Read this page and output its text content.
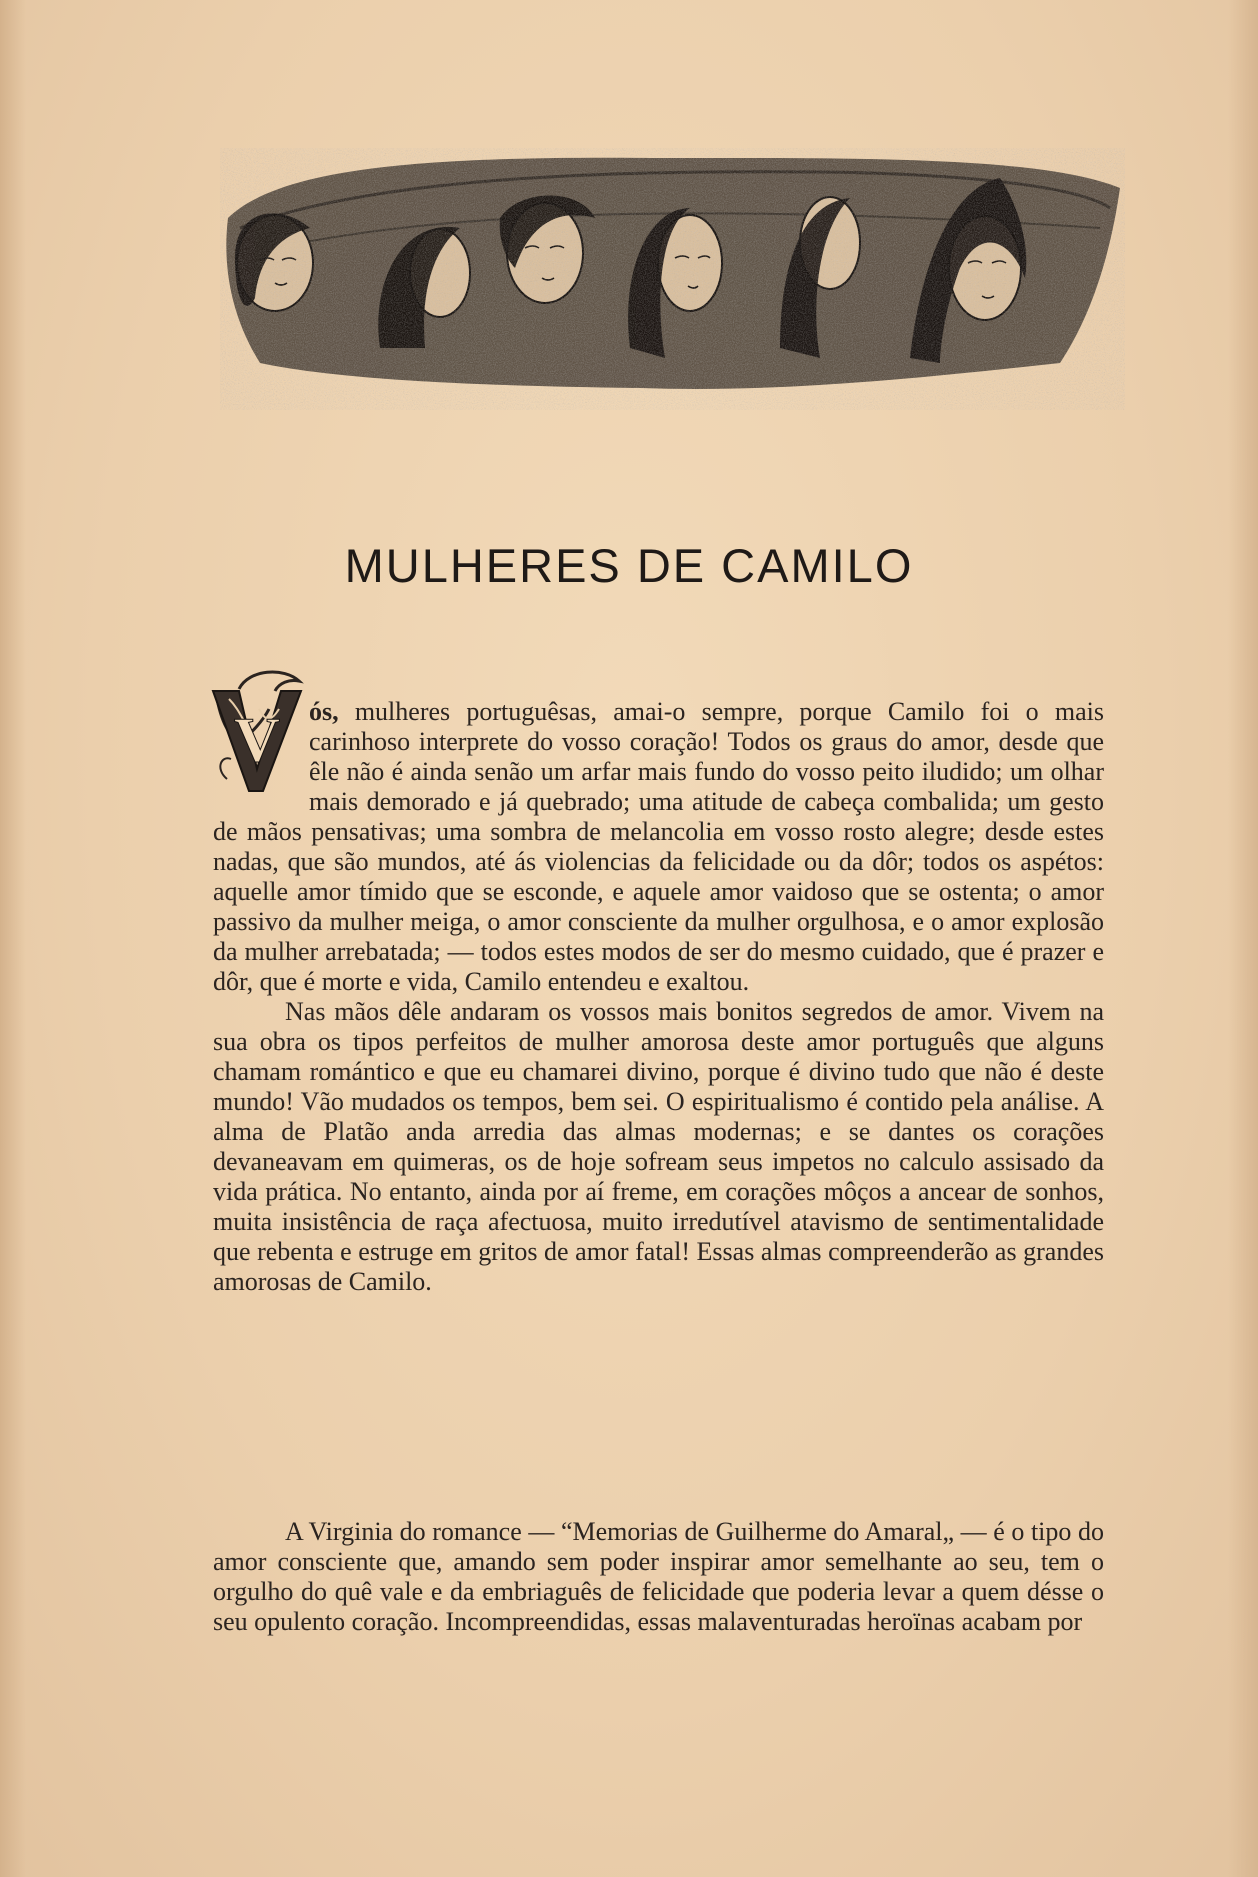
MULHERES DE CAMILO

V ós, mulheres portuguêsas, amai-o sempre, porque Camilo foi o mais carinhoso interprete do vosso coração! Todos os graus do amor, desde que êle não é ainda senão um arfar mais fundo do vosso peito iludido; um olhar mais demorado e já quebrado; uma atitude de cabeça combalida; um gesto de mãos pensativas; uma sombra de melancolia em vosso rosto alegre; desde estes nadas, que são mundos, até ás violencias da felicidade ou da dôr; todos os aspétos: aquelle amor tímido que se esconde, e aquele amor vaidoso que se ostenta; o amor passivo da mulher meiga, o amor consciente da mulher orgulhosa, e o amor explosão da mulher arrebatada; — todos estes modos de ser do mesmo cuidado, que é prazer e dôr, que é morte e vida, Camilo entendeu e exaltou.

Nas mãos dêle andaram os vossos mais bonitos segredos de amor. Vivem na sua obra os tipos perfeitos de mulher amorosa deste amor português que alguns chamam romántico e que eu chamarei divino, porque é divino tudo que não é deste mundo! Vão mudados os tempos, bem sei. O espiritualismo é contido pela análise. A alma de Platão anda arredia das almas modernas; e se dantes os corações devaneavam em quimeras, os de hoje sofream seus impetos no calculo assisado da vida prática. No entanto, ainda por aí freme, em corações môços a ancear de sonhos, muita insistência de raça afectuosa, muito irredutível atavismo de sentimentalidade que rebenta e estruge em gritos de amor fatal! Essas almas compreenderão as grandes amorosas de Camilo.

A Virginia do romance — “Memorias de Guilherme do Amaral„ — é o tipo do amor consciente que, amando sem poder inspirar amor semelhante ao seu, tem o orgulho do quê vale e da embriaguês de felicidade que poderia levar a quem désse o seu opulento coração. Incompreendidas, essas malaventuradas heroïnas acabam por
